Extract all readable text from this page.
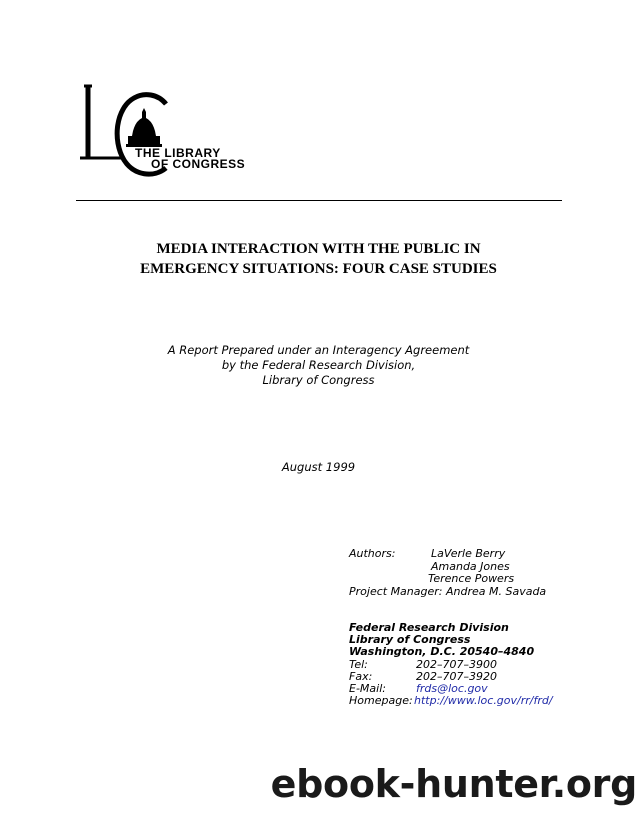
THE LIBRARY
OF CONGRESS
MEDIA INTERACTION WITH THE PUBLIC IN
EMERGENCY SITUATIONS: FOUR CASE STUDIES
A Report Prepared under an Interagency Agreement
by the Federal Research Division,
Library of Congress
August 1999
Authors:	LaVerle Berry
Amanda Jones
Terence Powers
Project Manager: Andrea M. Savada
Federal Research Division
Library of Congress
Washington, D.C. 20540–4840
Tel:	202–707–3900
Fax:	202–707–3920
E-Mail:	frds@loc.gov
Homepage: http://www.loc.gov/rr/frd/
ebook-hunter.org
